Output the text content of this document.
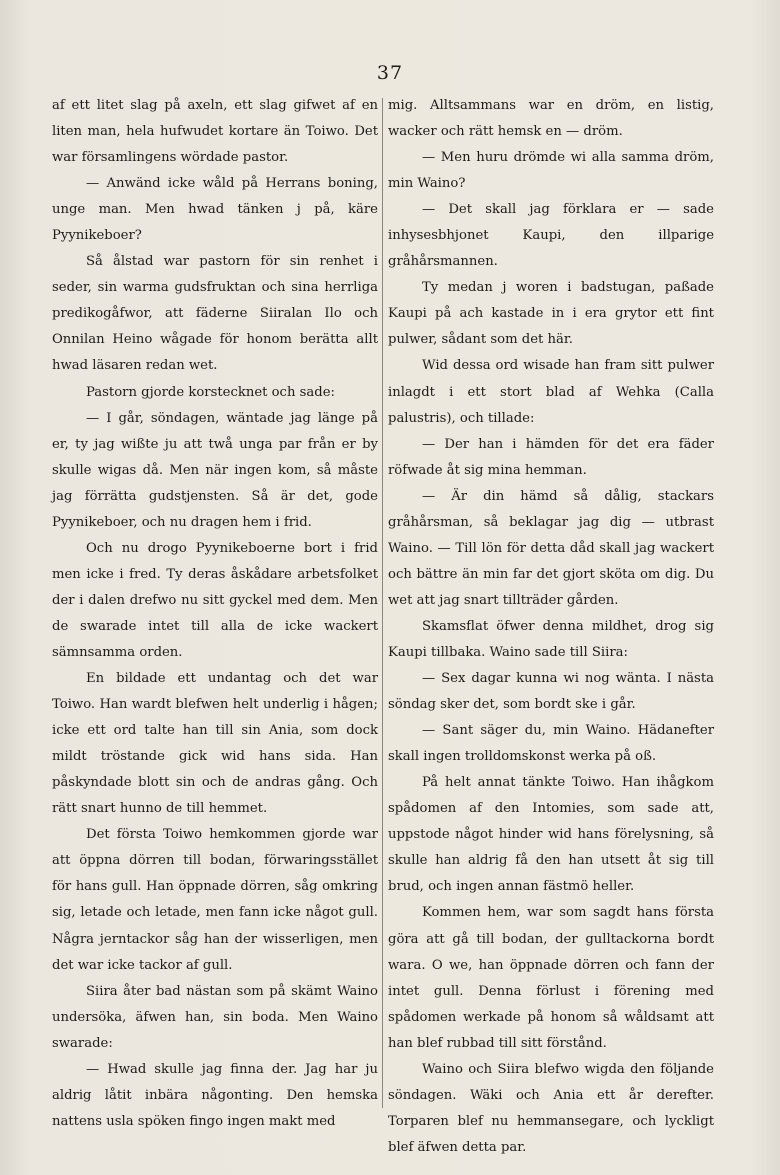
37

af ett litet slag på axeln, ett slag gifwet af en liten man, hela hufwudet kortare än Toiwo. Det war församlingens wördade pastor.

— Anwänd icke wåld på Herrans boning, unge man. Men hwad tänken j på, käre Pyynikeboer?

Så ålstad war pastorn för sin renhet i seder, sin warma gudsfruktan och sina herrliga predikogåfwor, att fäderne Siiralan Ilo och Onnilan Heino wågade för honom berätta allt hwad läsaren redan wet.

Pastorn gjorde korstecknet och sade:

— I går, söndagen, wäntade jag länge på er, ty jag wißte ju att twå unga par från er by skulle wigas då. Men när ingen kom, så måste jag förrätta gudstjensten. Så är det, gode Pyynikeboer, och nu dragen hem i frid.

Och nu drogo Pyynikeboerne bort i frid men icke i fred. Ty deras åskådare arbetsfolket der i dalen drefwo nu sitt gyckel med dem. Men de swarade intet till alla de icke wackert sämnsamma orden.

En bildade ett undantag och det war Toiwo. Han wardt blefwen helt underlig i hågen; icke ett ord talte han till sin Ania, som dock mildt tröstande gick wid hans sida. Han påskyndade blott sin och de andras gång. Och rätt snart hunno de till hemmet.

Det första Toiwo hemkommen gjorde war att öppna dörren till bodan, förwaringsstället för hans gull. Han öppnade dörren, såg omkring sig, letade och letade, men fann icke något gull. Några jerntackor såg han der wisserligen, men det war icke tackor af gull.

Siira åter bad nästan som på skämt Waino undersöka, äfwen han, sin boda. Men Waino swarade:

— Hwad skulle jag finna der. Jag har ju aldrig låtit inbära någonting. Den hemska nattens usla spöken fingo ingen makt med

mig. Alltsammans war en dröm, en listig, wacker och rätt hemsk en — dröm.

— Men huru drömde wi alla samma dröm, min Waino?

— Det skall jag förklara er — sade inhysesbhjonet Kaupi, den illparige gråhårsmannen.

Ty medan j woren i badstugan, paßade Kaupi på ach kastade in i era grytor ett fint pulwer, sådant som det här.

Wid dessa ord wisade han fram sitt pulwer inlagdt i ett stort blad af Wehka (Calla palustris), och tillade:

— Der han i hämden för det era fäder röfwade åt sig mina hemman.

— Är din hämd så dålig, stackars gråhårsman, så beklagar jag dig — utbrast Waino. — Till lön för detta dåd skall jag wackert och bättre än min far det gjort sköta om dig. Du wet att jag snart tillträder gården.

Skamsflat öfwer denna mildhet, drog sig Kaupi tillbaka. Waino sade till Siira:

— Sex dagar kunna wi nog wänta. I nästa söndag sker det, som bordt ske i går.

— Sant säger du, min Waino. Hädanefter skall ingen trolldomskonst werka på oß.

På helt annat tänkte Toiwo. Han ihågkom spådomen af den Intomies, som sade att, uppstode något hinder wid hans förelysning, så skulle han aldrig få den han utsett åt sig till brud, och ingen annan fästmö heller.

Kommen hem, war som sagdt hans första göra att gå till bodan, der gulltackorna bordt wara. O we, han öppnade dörren och fann der intet gull. Denna förlust i förening med spådomen werkade på honom så wåldsamt att han blef rubbad till sitt förstånd.

Waino och Siira blefwo wigda den följande söndagen. Wäki och Ania ett år derefter. Torparen blef nu hemmansegare, och lyckligt blef äfwen detta par.
